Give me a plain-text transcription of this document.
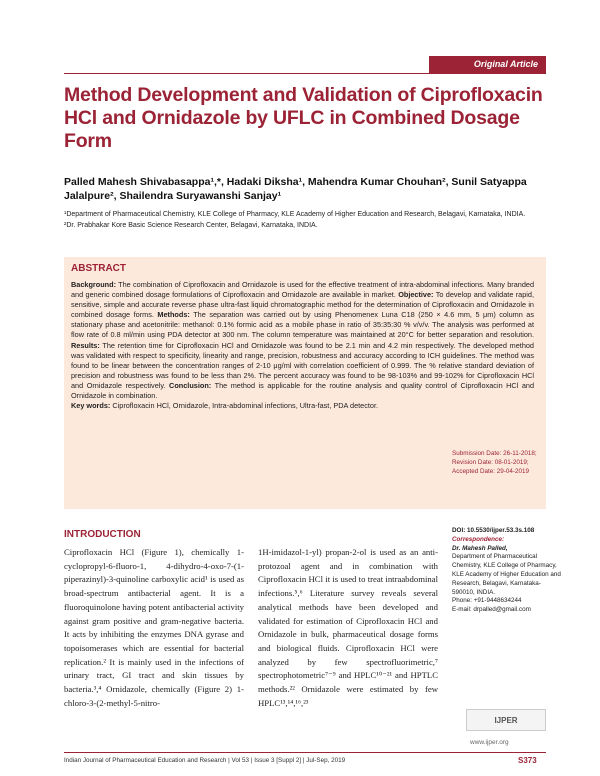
Original Article
Method Development and Validation of Ciprofloxacin HCl and Ornidazole by UFLC in Combined Dosage Form
Palled Mahesh Shivabasappa¹,*, Hadaki Diksha¹, Mahendra Kumar Chouhan², Sunil Satyappa
Jalalpure², Shailendra Suryawanshi Sanjay¹
¹Department of Pharmaceutical Chemistry, KLE College of Pharmacy, KLE Academy of Higher Education and Research, Belagavi, Karnataka, INDIA.
²Dr. Prabhakar Kore Basic Science Research Center, Belagavi, Karnataka, INDIA.
ABSTRACT
Background: The combination of Ciprofloxacin and Ornidazole is used for the effective treatment of intra-abdominal infections. Many branded and generic combined dosage formulations of Ciprofloxacin and Ornidazole are available in market. Objective: To develop and validate rapid, sensitive, simple and accurate reverse phase ultra-fast liquid chromatographic method for the determination of Ciprofloxacin and Ornidazole in combined dosage forms. Methods: The separation was carried out by using Phenomenex Luna C18 (250 × 4.6 mm, 5 μm) column as stationary phase and acetonitrile: methanol: 0.1% formic acid as a mobile phase in ratio of 35:35:30 % v/v/v. The analysis was performed at flow rate of 0.8 ml/min using PDA detector at 300 nm. The column temperature was maintained at 20°C for better separation and resolution. Results: The retention time for Ciprofloxacin HCl and Ornidazole was found to be 2.1 min and 4.2 min respectively. The developed method was validated with respect to specificity, linearity and range, precision, robustness and accuracy according to ICH guidelines. The method was found to be linear between the concentration ranges of 2-10 μg/ml with correlation coefficient of 0.999. The % relative standard deviation of precision and robustness was found to be less than 2%. The percent accuracy was found to be 98-103% and 99-102% for Ciprofloxacin HCl and Ornidazole respectively. Conclusion: The method is applicable for the routine analysis and quality control of Ciprofloxacin HCl and Ornidazole in combination.
Key words: Ciprofloxacin HCl, Ornidazole, Intra-abdominal infections, Ultra-fast, PDA detector.
Submission Date: 26-11-2018;
Revision Date: 08-01-2019;
Accepted Date: 29-04-2019
INTRODUCTION	DOI: 10.5530/ijper.53.3s.108
Correspondence:
Dr. Mahesh Palled,
Department of Pharmaceutical Chemistry, KLE College of Pharmacy, KLE Academy of Higher Education and Research, Belagavi, Karnataka-590010, INDIA.
Phone: +91-9448634244
E-mail: drpalled@gmail.com
Ciprofloxacin HCl (Figure 1), chemically 1- cyclopropyl-6-fluoro-1, 4-dihydro-4-oxo-7-(1-piperazinyl)-3-quinoline carboxylic acid¹ is used as broad-spectrum antibacterial agent. It is a fluoroquinolone having potent antibacterial activity against gram positive and gram-negative bacteria. It acts by inhibiting the enzymes DNA gyrase and topoisomerases which are essential for bacterial replication.² It is mainly used in the infections of urinary tract, GI tract and skin tissues by bacteria.³,⁴ Ornidazole, chemically (Figure 2) 1-chloro-3-(2-methyl-5-nitro-
1H-imidazol-1-yl) propan-2-ol is used as an anti-protozoal agent and in combination with Ciprofloxacin HCl it is used to treat intraabdominal infections.⁵,⁶ Literature survey reveals several analytical methods have been developed and validated for estimation of Ciprofloxacin HCl and Ornidazole in bulk, pharmaceutical dosage forms and biological fluids. Ciprofloxacin HCl were analyzed by few spectrofluorimetric,⁷ spectrophotometric⁷⁻⁹ and HPLC¹⁰⁻²¹ and HPTLC methods.²² Ornidazole were estimated by few HPLC¹³,¹⁴,¹⁶,²³
IJPER
www.ijper.org
Indian Journal of Pharmaceutical Education and Research | Vol 53 | Issue 3 [Suppl 2] | Jul-Sep, 2019	S373
